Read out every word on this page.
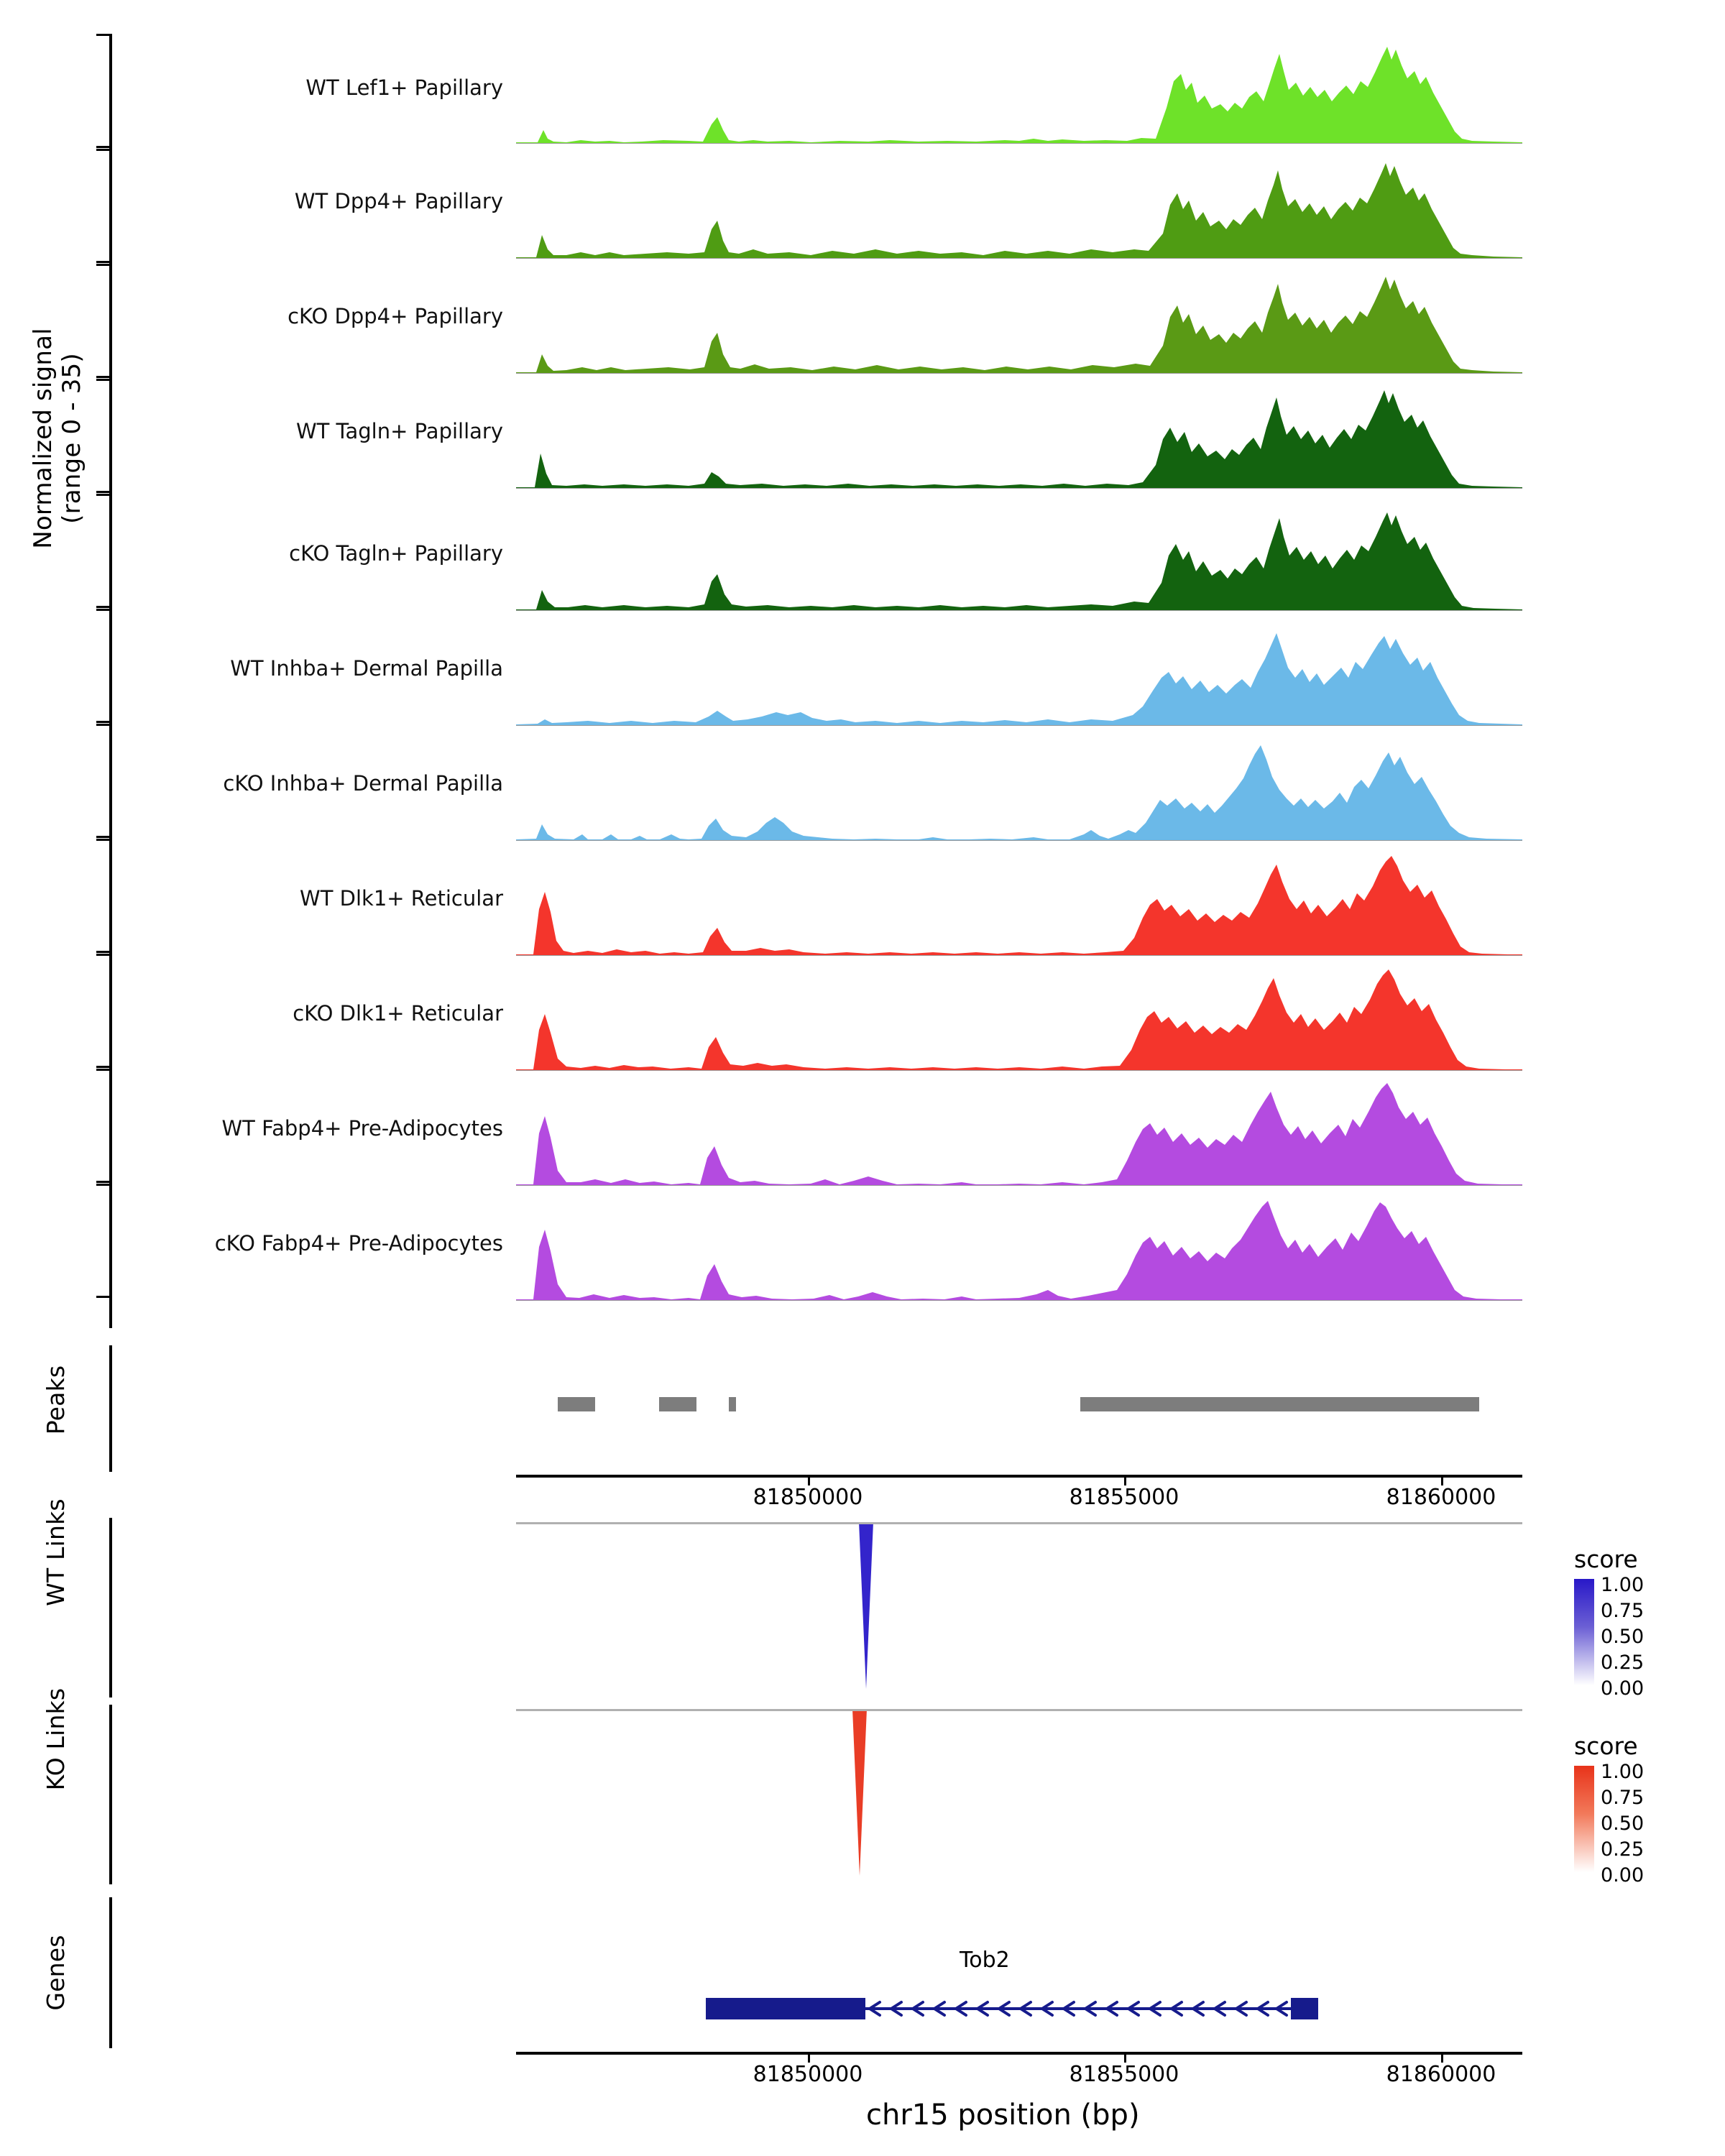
Normalized signal
(range 0 - 35)
WT Lef1+ Papillary
WT Dpp4+ Papillary
cKO Dpp4+ Papillary
WT Tagln+ Papillary
cKO Tagln+ Papillary
WT Inhba+ Dermal Papilla
cKO Inhba+ Dermal Papilla
WT Dlk1+ Reticular
cKO Dlk1+ Reticular
WT Fabp4+ Pre-Adipocytes
cKO Fabp4+ Pre-Adipocytes
Peaks
81850000	81855000	81860000
WT Links	score
1.00
0.75
0.50
0.25
0.00
KO Links	score
1.00
0.75
0.50
0.25
0.00
Genes	Tob2
81850000	81855000	81860000
chr15 position (bp)
